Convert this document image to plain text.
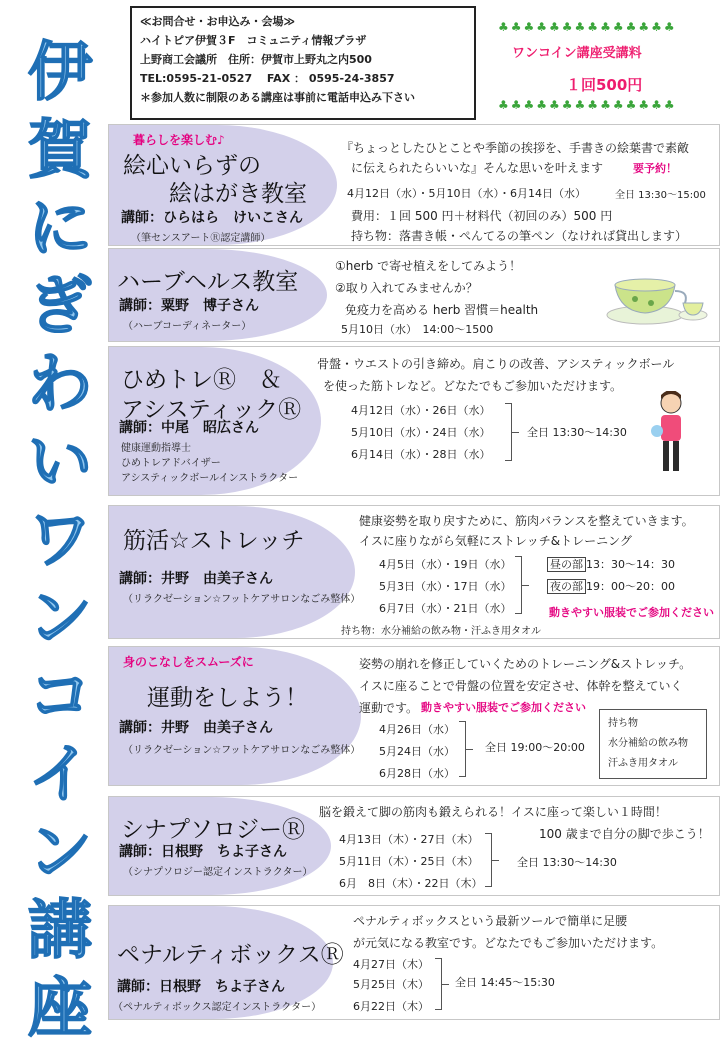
≪お問合せ・お申込み・会場≫
ハイトピア伊賀３F　コミュニティ情報プラザ
上野商工会議所　住所：伊賀市上野丸之内500
TEL:0595-21-0527　 FAX ： 0595-24-3857
＊参加人数に制限のある講座は事前に電話申込み下さい
♣♣♣♣♣♣♣♣♣♣♣♣♣♣
♣♣♣♣♣♣♣♣♣♣♣♣♣♣
ワンコイン講座受講料
１回500円
伊
賀
に
ぎ
わ
い
ワ
ン
コ
イ
ン
講
座
暮らしを楽しむ♪
絵心いらずの
絵はがき教室
講師：ひらはら　けいこさん
（筆センスアートⓇ認定講師）
『ちょっとしたひとことや季節の挨拶を、手書きの絵葉書で素敵
に伝えられたらいいな』そんな思いを叶えます	要予約！
4月12日（水）・5月10日（水）・6月14日（水）	全日 13:30～15:00
費用：１回 500 円＋材料代（初回のみ）500 円
持ち物：落書き帳・ぺんてるの筆ペン（なければ貸出します）
ハーブヘルス教室
講師：粟野　博子さん
（ハーブコーディネーター）
①herb で寄せ植えをしてみよう！
②取り入れてみませんか？
免疫力を高める herb 習慣＝health
5月10日（水）　14:00～1500
ひめトレⓇ　＆
アシスティックⓇ
講師：中尾　昭広さん
健康運動指導士
ひめトレアドバイザー
アシスティックボールインストラクター
骨盤・ウエストの引き締め。肩こりの改善、アシスティックボール
を使った筋トレなど。どなたでもご参加いただけます。
4月12日（水）・26日（水）
5月10日（水）・24日（水）
6月14日（水）・28日（水）
全日 13:30～14:30
筋活☆ストレッチ
講師：井野　由美子さん
（リラクゼーション☆フットケアサロンなごみ整体）
健康姿勢を取り戻すために、筋肉バランスを整えていきます。
イスに座りながら気軽にストレッチ&トレーニング
4月5日（水）・19日（水）
5月3日（水）・17日（水）
6月7日（水）・21日（水）
昼の部 13：30～14：30
夜の部 19：00～20：00
動きやすい服装でご参加ください
持ち物：水分補給の飲み物・汗ふき用タオル
身のこなしをスムーズに
運動をしよう！
講師：井野　由美子さん
（リラクゼーション☆フットケアサロンなごみ整体）
姿勢の崩れを修正していくためのトレーニング&ストレッチ。
イスに座ることで骨盤の位置を安定させ、体幹を整えていく
運動です。 動きやすい服装でご参加ください
4月26日（水）
5月24日（水）
6月28日（水）
全日 19:00～20:00
持ち物
水分補給の飲み物
汗ふき用タオル
シナプソロジーⓇ
講師：日根野　ちよ子さん
（シナプソロジー認定インストラクター）
脳を鍛えて脚の筋肉も鍛えられる！イスに座って楽しい１時間！
100 歳まで自分の脚で歩こう！
4月13日（木）・27日（木）
5月11日（木）・25日（木）
6月　8日（木）・22日（木）
全日 13:30～14:30
ペナルティボックスⓇ
講師：日根野　ちよ子さん
（ペナルティボックス認定インストラクター）
ペナルティボックスという最新ツールで簡単に足腰
が元気になる教室です。どなたでもご参加いただけます。
4月27日（木）
5月25日（木）
6月22日（木）
全日 14:45～15:30
